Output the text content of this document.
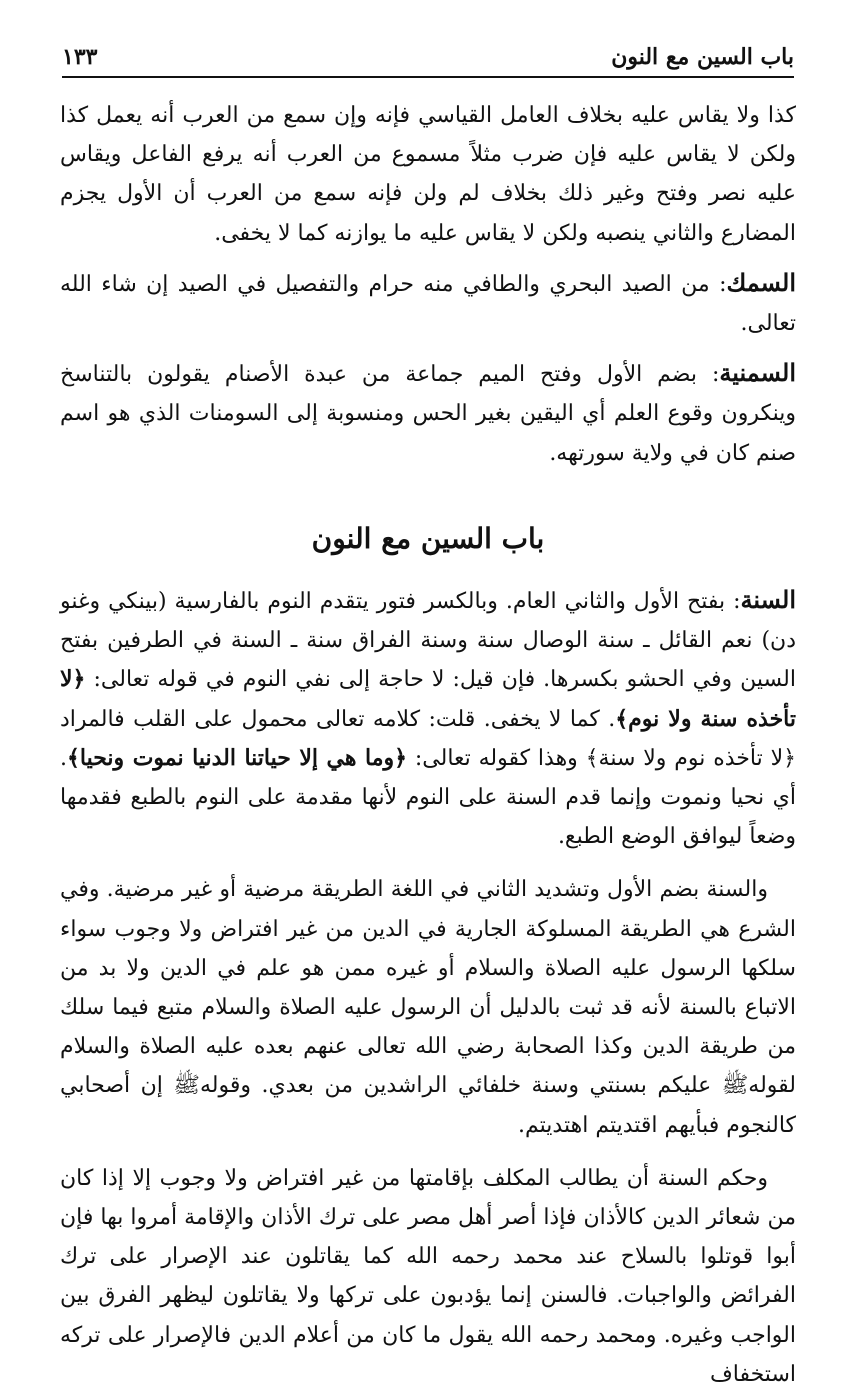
باب السين مع النون
١٣٣

كذا ولا يقاس عليه بخلاف العامل القياسي فإنه وإن سمع من العرب أنه يعمل كذا ولكن لا يقاس عليه فإن ضرب مثلاً مسموع من العرب أنه يرفع الفاعل ويقاس عليه نصر وفتح وغير ذلك بخلاف لم ولن فإنه سمع من العرب أن الأول يجزم المضارع والثاني ينصبه ولكن لا يقاس عليه ما يوازنه كما لا يخفى.

السمك: من الصيد البحري والطافي منه حرام والتفصيل في الصيد إن شاء الله تعالى.

السمنية: بضم الأول وفتح الميم جماعة من عبدة الأصنام يقولون بالتناسخ وينكرون وقوع العلم أي اليقين بغير الحس ومنسوبة إلى السومنات الذي هو اسم صنم كان في ولاية سورتهه.

باب السين مع النون

السنة: بفتح الأول والثاني العام. وبالكسر فتور يتقدم النوم بالفارسية (بينكي وغنو دن) نعم القائل ـ سنة الوصال سنة وسنة الفراق سنة ـ السنة في الطرفين بفتح السين وفي الحشو بكسرها. فإن قيل: لا حاجة إلى نفي النوم في قوله تعالى: ﴿لا تأخذه سنة ولا نوم﴾. كما لا يخفى. قلت: كلامه تعالى محمول على القلب فالمراد ﴿لا تأخذه نوم ولا سنة﴾ وهذا كقوله تعالى: ﴿وما هي إلا حياتنا الدنيا نموت ونحيا﴾. أي نحيا ونموت وإنما قدم السنة على النوم لأنها مقدمة على النوم بالطبع فقدمها وضعاً ليوافق الوضع الطبع.

والسنة بضم الأول وتشديد الثاني في اللغة الطريقة مرضية أو غير مرضية. وفي الشرع هي الطريقة المسلوكة الجارية في الدين من غير افتراض ولا وجوب سواء سلكها الرسول عليه الصلاة والسلام أو غيره ممن هو علم في الدين ولا بد من الاتباع بالسنة لأنه قد ثبت بالدليل أن الرسول عليه الصلاة والسلام متبع فيما سلك من طريقة الدين وكذا الصحابة رضي الله تعالى عنهم بعده عليه الصلاة والسلام لقولهﷺ عليكم بسنتي وسنة خلفائي الراشدين من بعدي. وقولهﷺ إن أصحابي كالنجوم فبأيهم اقتديتم اهتديتم.

وحكم السنة أن يطالب المكلف بإقامتها من غير افتراض ولا وجوب إلا إذا كان من شعائر الدين كالأذان فإذا أصر أهل مصر على ترك الأذان والإقامة أمروا بها فإن أبوا قوتلوا بالسلاح عند محمد رحمه الله كما يقاتلون عند الإصرار على ترك الفرائض والواجبات. فالسنن إنما يؤدبون على تركها ولا يقاتلون ليظهر الفرق بين الواجب وغيره. ومحمد رحمه الله يقول ما كان من أعلام الدين فالإصرار على تركه استخفاف
